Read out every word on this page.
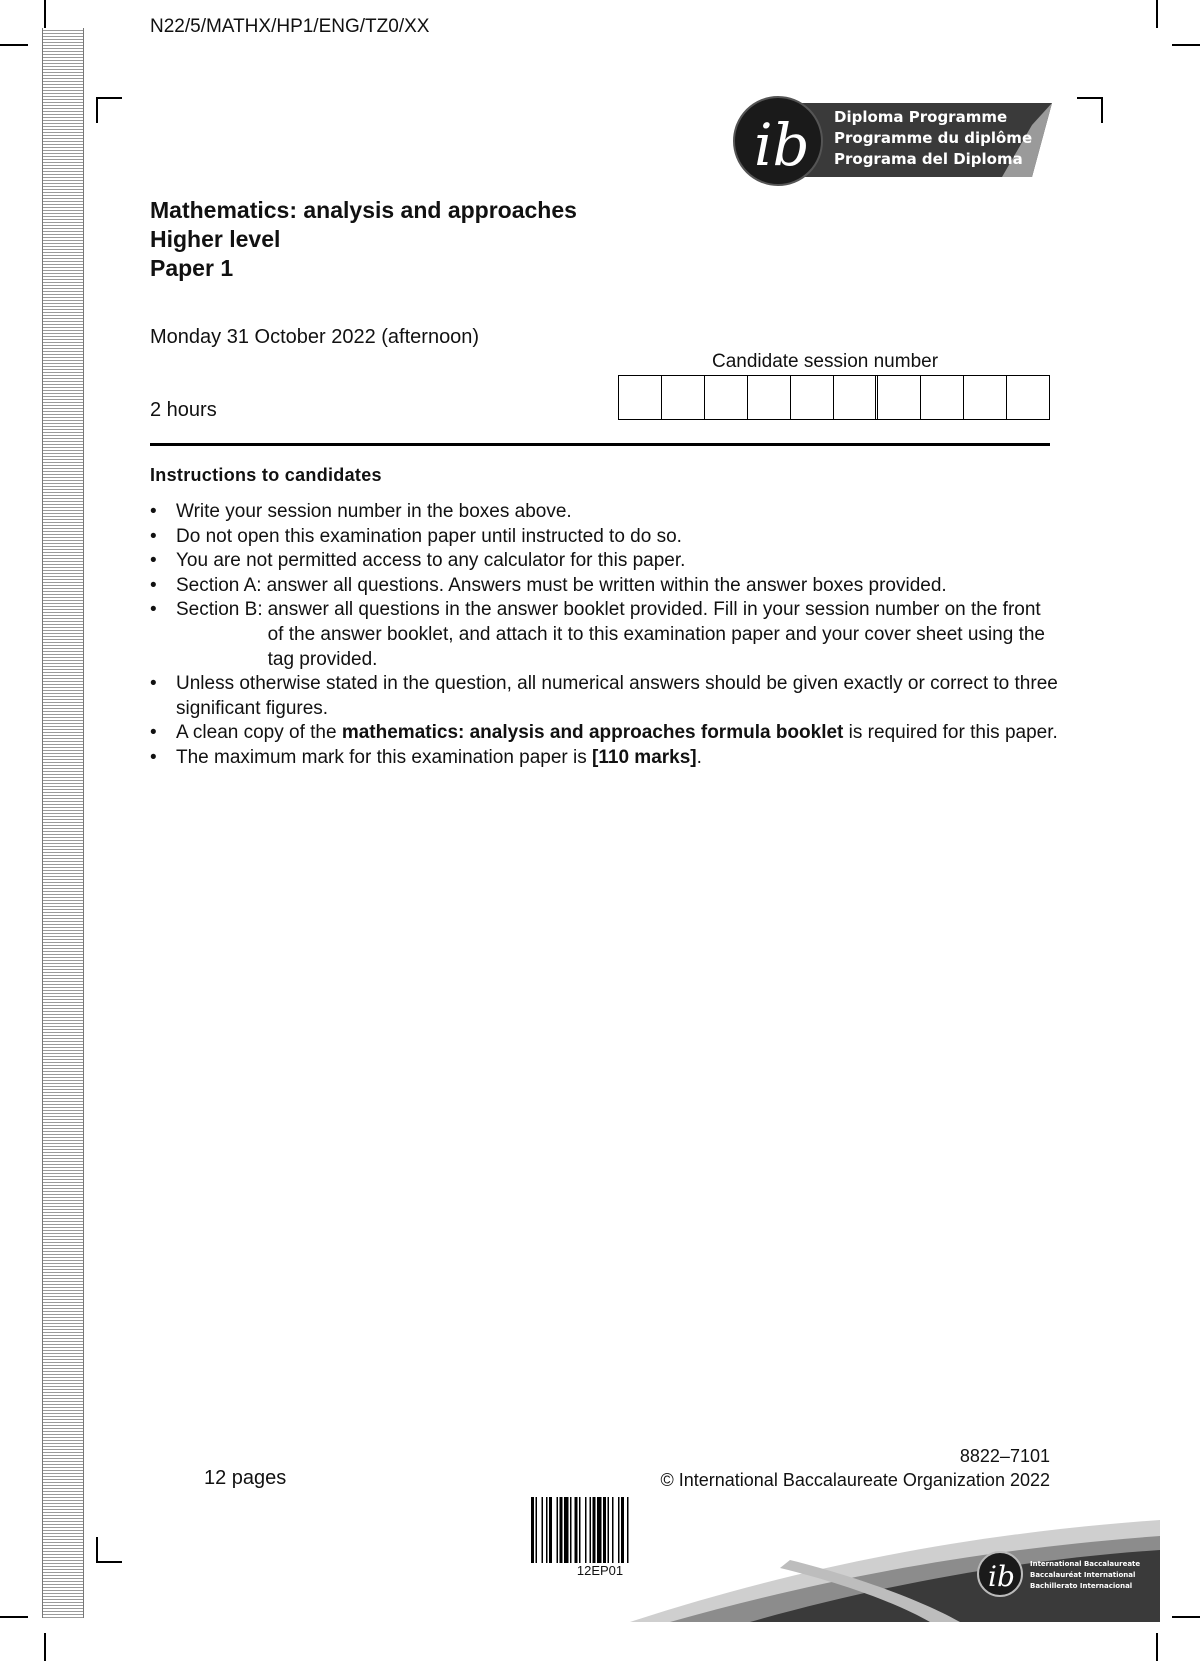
N22/5/MATHX/HP1/ENG/TZ0/XX
ib Diploma Programme
Programme du diplôme
Programa del Diploma
Mathematics: analysis and approaches
Higher level
Paper 1
Monday 31 October 2022 (afternoon)
2 hours
Candidate session number
Instructions to candidates
• Write your session number in the boxes above.
• Do not open this examination paper until instructed to do so.
• You are not permitted access to any calculator for this paper.
• Section A: answer all questions. Answers must be written within the answer boxes provided.
• Section B: answer all questions in the answer booklet provided. Fill in your session number on the front of the answer booklet, and attach it to this examination paper and your cover sheet using the tag provided.
• Unless otherwise stated in the question, all numerical answers should be given exactly or correct to three significant figures.
• A clean copy of the mathematics: analysis and approaches formula booklet is required for this paper.
• The maximum mark for this examination paper is [110 marks].
12 pages
8822–7101
© International Baccalaureate Organization 2022
12EP01	ib International Baccalaureate
Baccalauréat International
Bachillerato Internacional
